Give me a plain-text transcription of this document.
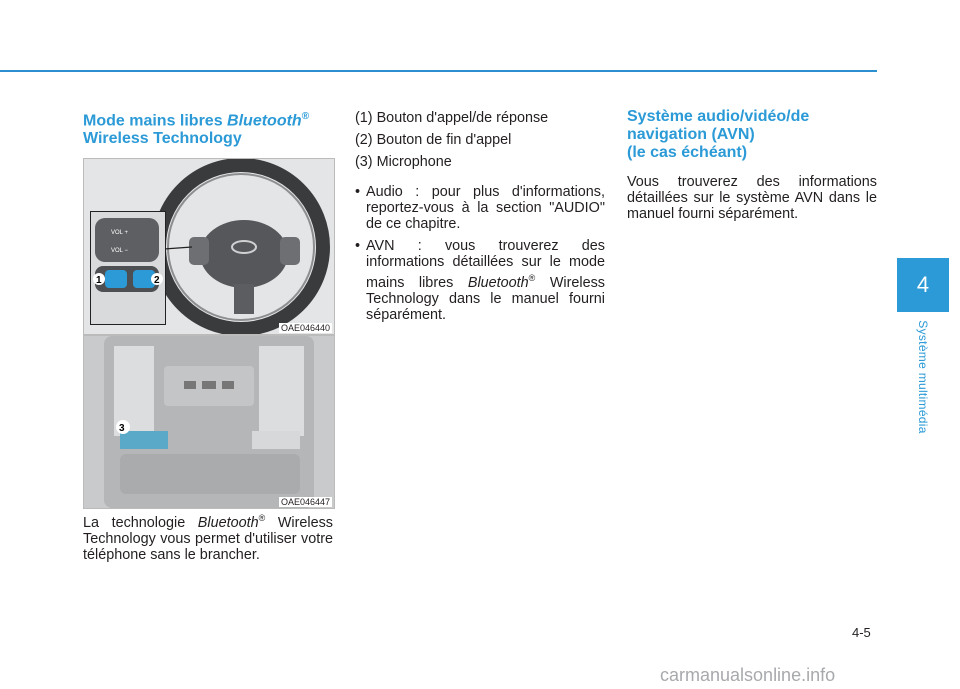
4
Système multimédia
Mode mains libres Bluetooth®
Wireless Technology
VOL +
VOL −
1	2
OAE046440
3
OAE046447

La technologie Bluetooth® Wireless Technology vous permet d'utiliser votre téléphone sans le brancher.

(1) Bouton d'appel/de réponse
(2) Bouton de fin d'appel
(3) Microphone

• Audio : pour plus d'informations, reportez-vous à la section "AUDIO" de ce chapitre.

• AVN : vous trouverez des informations détaillées sur le mode mains libres Bluetooth® Wireless Technology dans le manuel fourni séparément.

Système audio/vidéo/de
navigation (AVN)
(le cas échéant)

Vous trouverez des informations détaillées sur le système AVN dans le manuel fourni séparément.

4-5
carmanualsonline.info
